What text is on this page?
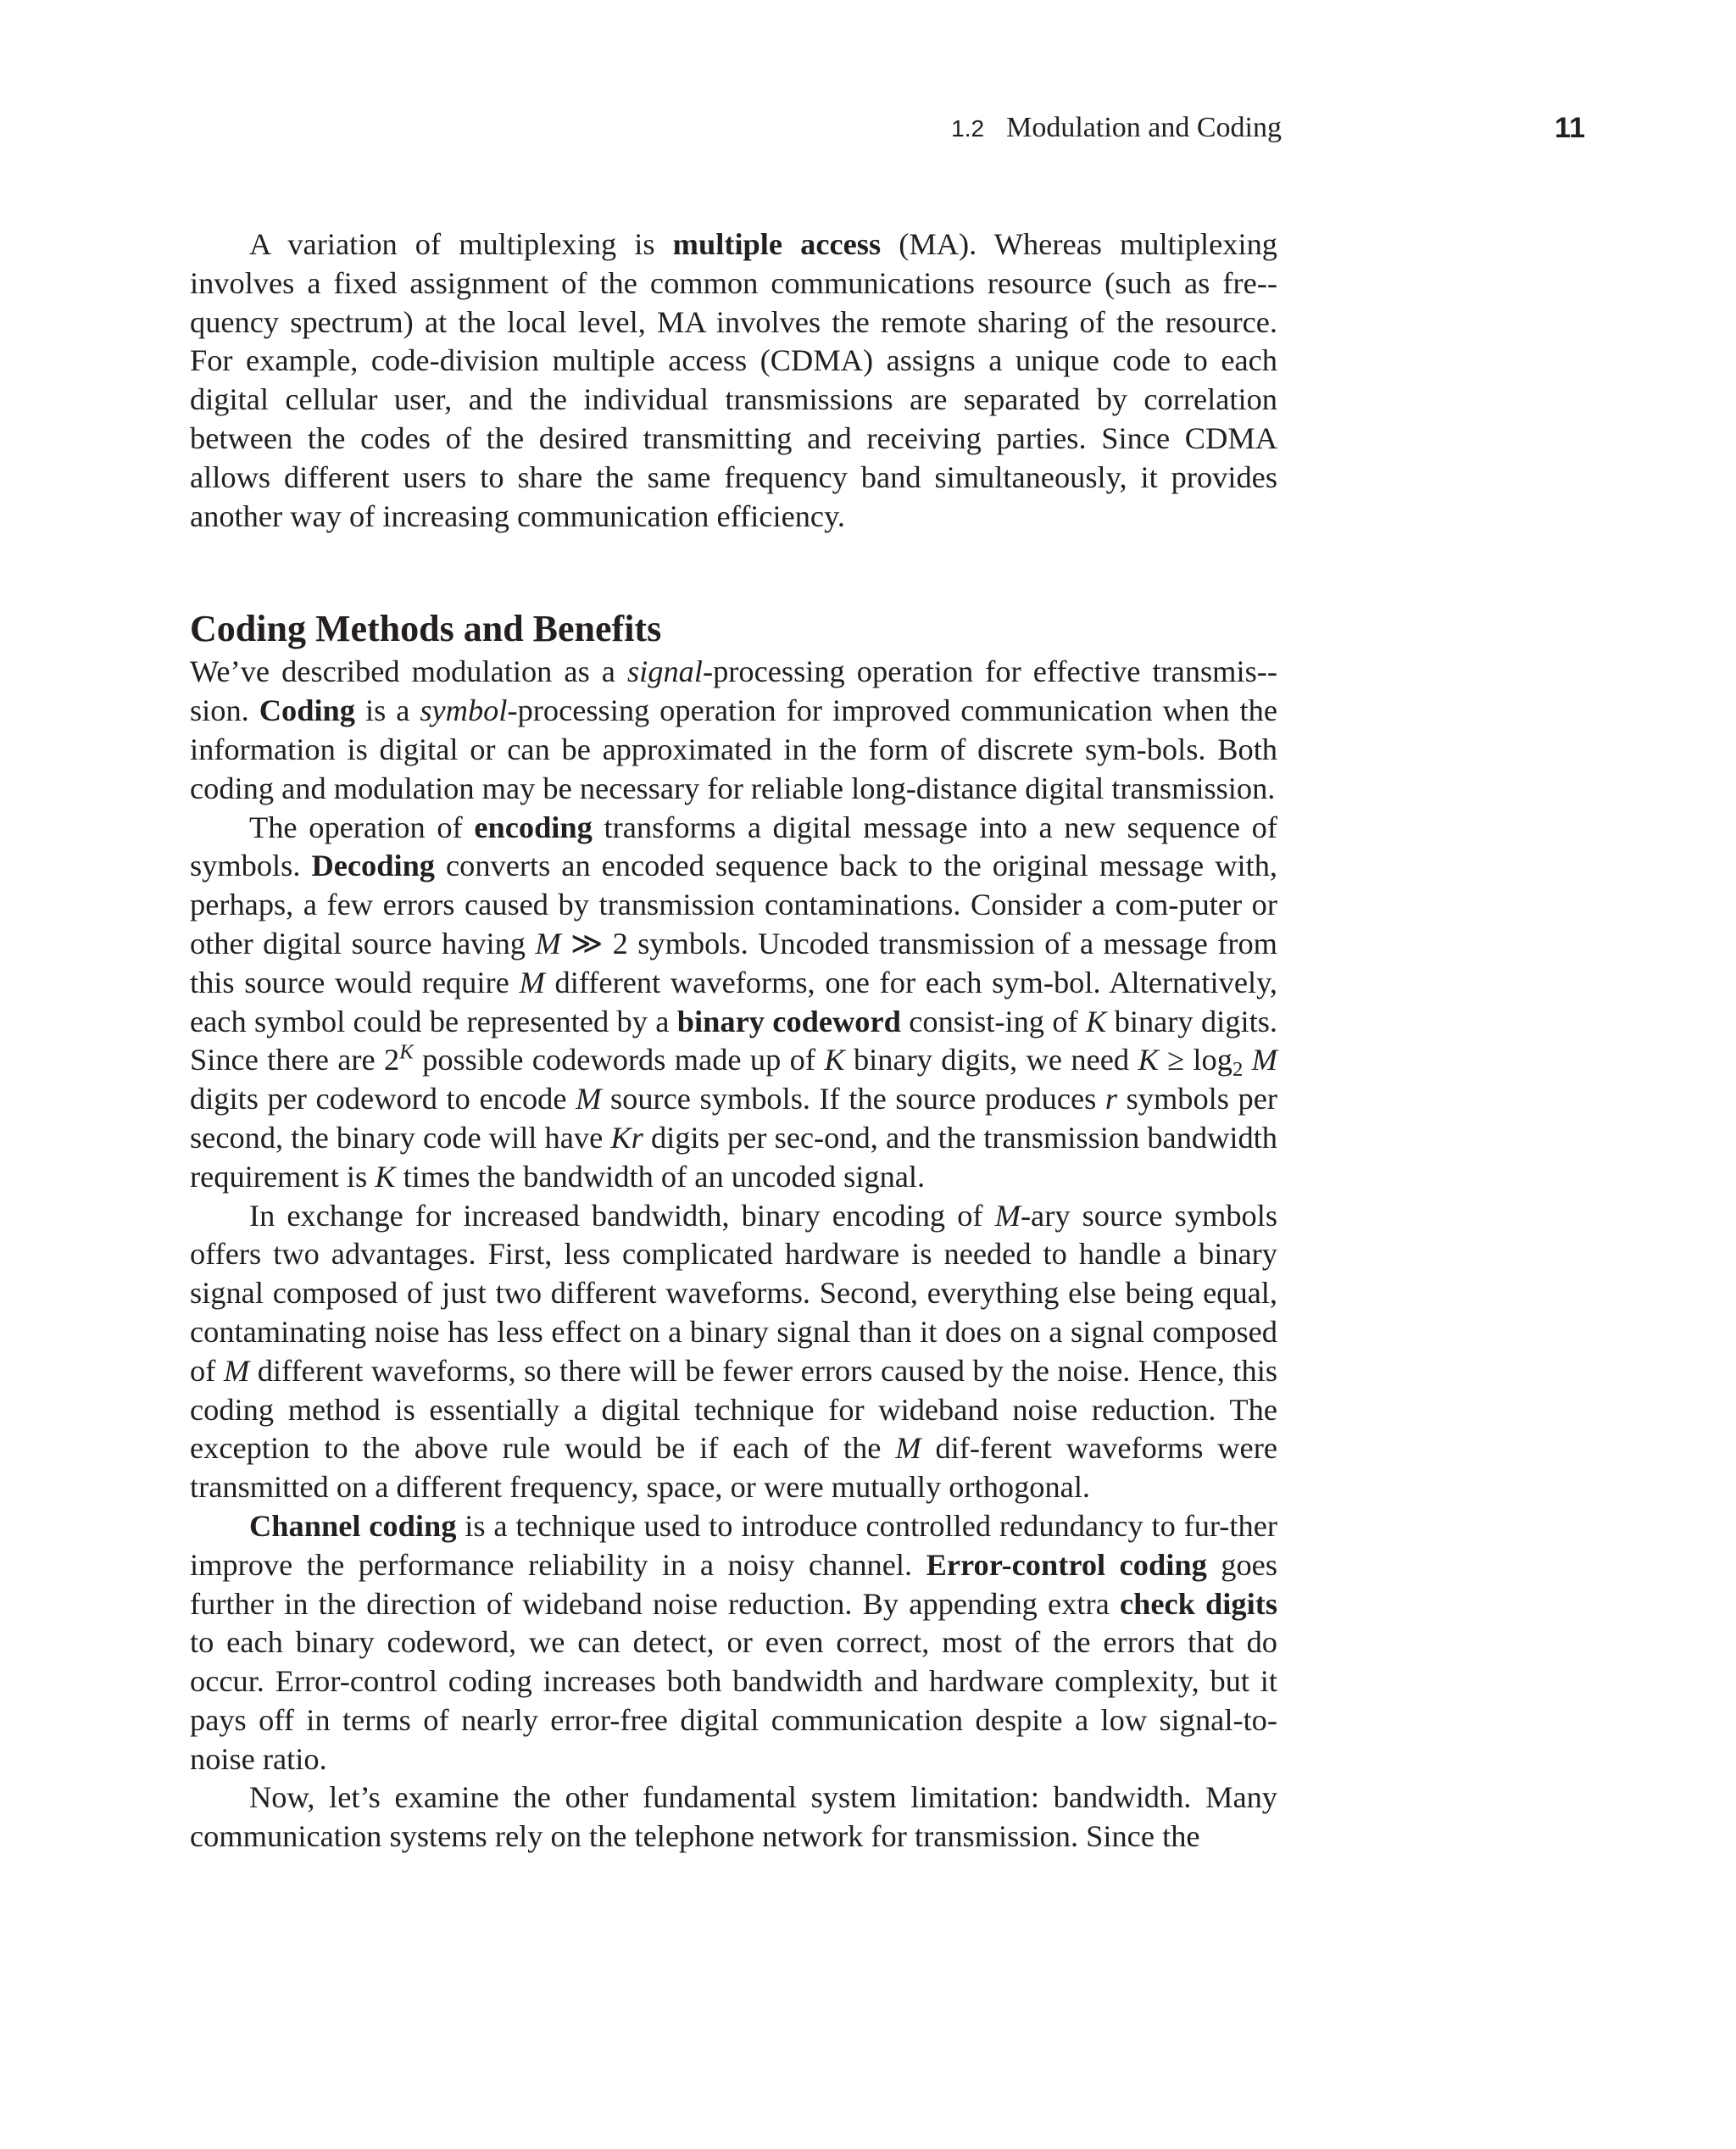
1.2 Modulation and Coding	11

A variation of multiplexing is multiple access (MA). Whereas multiplexing involves a fixed assignment of the common communications resource (such as fre-quency spectrum) at the local level, MA involves the remote sharing of the resource. For example, code-division multiple access (CDMA) assigns a unique code to each digital cellular user, and the individual transmissions are separated by correlation between the codes of the desired transmitting and receiving parties. Since CDMA allows different users to share the same frequency band simultaneously, it provides another way of increasing communication efficiency.

Coding Methods and Benefits

We’ve described modulation as a signal-processing operation for effective transmis-sion. Coding is a symbol-processing operation for improved communication when the information is digital or can be approximated in the form of discrete sym-bols. Both coding and modulation may be necessary for reliable long-distance digital transmission.

The operation of encoding transforms a digital message into a new sequence of symbols. Decoding converts an encoded sequence back to the original message with, perhaps, a few errors caused by transmission contaminations. Consider a com-puter or other digital source having M ≫ 2 symbols. Uncoded transmission of a message from this source would require M different waveforms, one for each sym-bol. Alternatively, each symbol could be represented by a binary codeword consist-ing of K binary digits. Since there are $2^K$ possible codewords made up of K binary digits, we need $K \ge \log_2 M$ digits per codeword to encode M source symbols. If the source produces r symbols per second, the binary code will have Kr digits per sec-ond, and the transmission bandwidth requirement is K times the bandwidth of an uncoded signal.

In exchange for increased bandwidth, binary encoding of M-ary source symbols offers two advantages. First, less complicated hardware is needed to handle a binary signal composed of just two different waveforms. Second, everything else being equal, contaminating noise has less effect on a binary signal than it does on a signal composed of M different waveforms, so there will be fewer errors caused by the noise. Hence, this coding method is essentially a digital technique for wideband noise reduction. The exception to the above rule would be if each of the M dif-ferent waveforms were transmitted on a different frequency, space, or were mutually orthogonal.

Channel coding is a technique used to introduce controlled redundancy to fur-ther improve the performance reliability in a noisy channel. Error-control coding goes further in the direction of wideband noise reduction. By appending extra check digits to each binary codeword, we can detect, or even correct, most of the errors that do occur. Error-control coding increases both bandwidth and hardware complexity, but it pays off in terms of nearly error-free digital communication despite a low signal-to-noise ratio.

Now, let’s examine the other fundamental system limitation: bandwidth. Many communication systems rely on the telephone network for transmission. Since the
